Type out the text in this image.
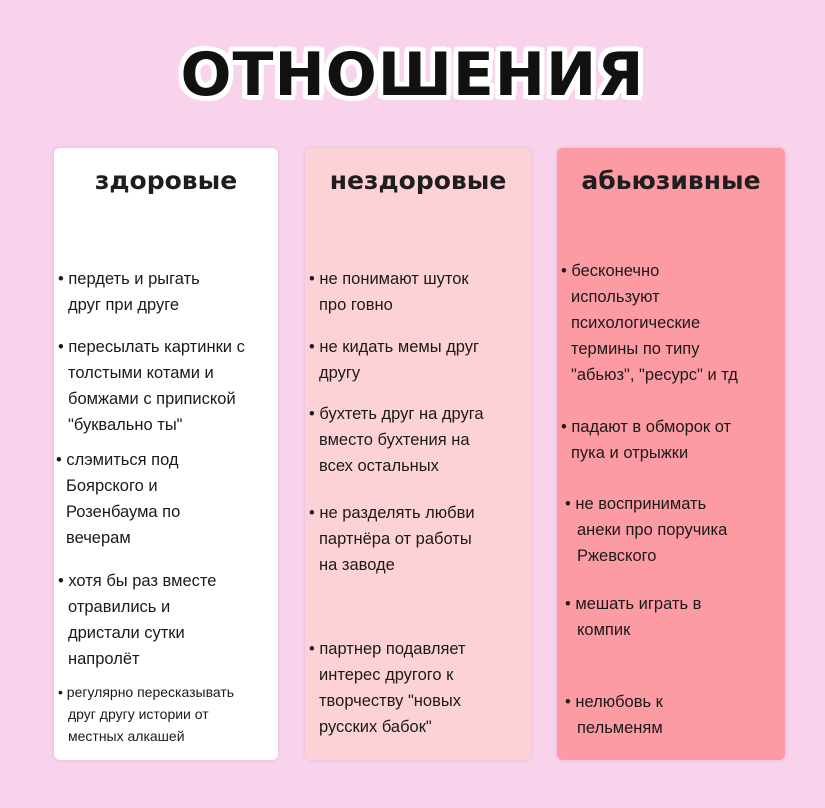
ОТНОШЕНИЯ
здоровые
• пердеть и рыгать
друг при друге
• пересылать картинки с
толстыми котами и
бомжами с припиской
"буквально ты"
• слэмиться под
Боярского и
Розенбаума по
вечерам
• хотя бы раз вместе
отравились и
дристали сутки
напролёт
• регулярно пересказывать
друг другу истории от
местных алкашей
нездоровые
• не понимают шуток
про говно
• не кидать мемы друг
другу
• бухтеть друг на друга
вместо бухтения на
всех остальных
• не разделять любви
партнёра от работы
на заводе
• партнер подавляет
интерес другого к
творчеству "новых
русских бабок"
абьюзивные
• бесконечно
используют
психологические
термины по типу
"абьюз", "ресурс" и тд
• падают в обморок от
пука и отрыжки
• не воспринимать
анеки про поручика
Ржевского
• мешать играть в
компик
• нелюбовь к
пельменям
